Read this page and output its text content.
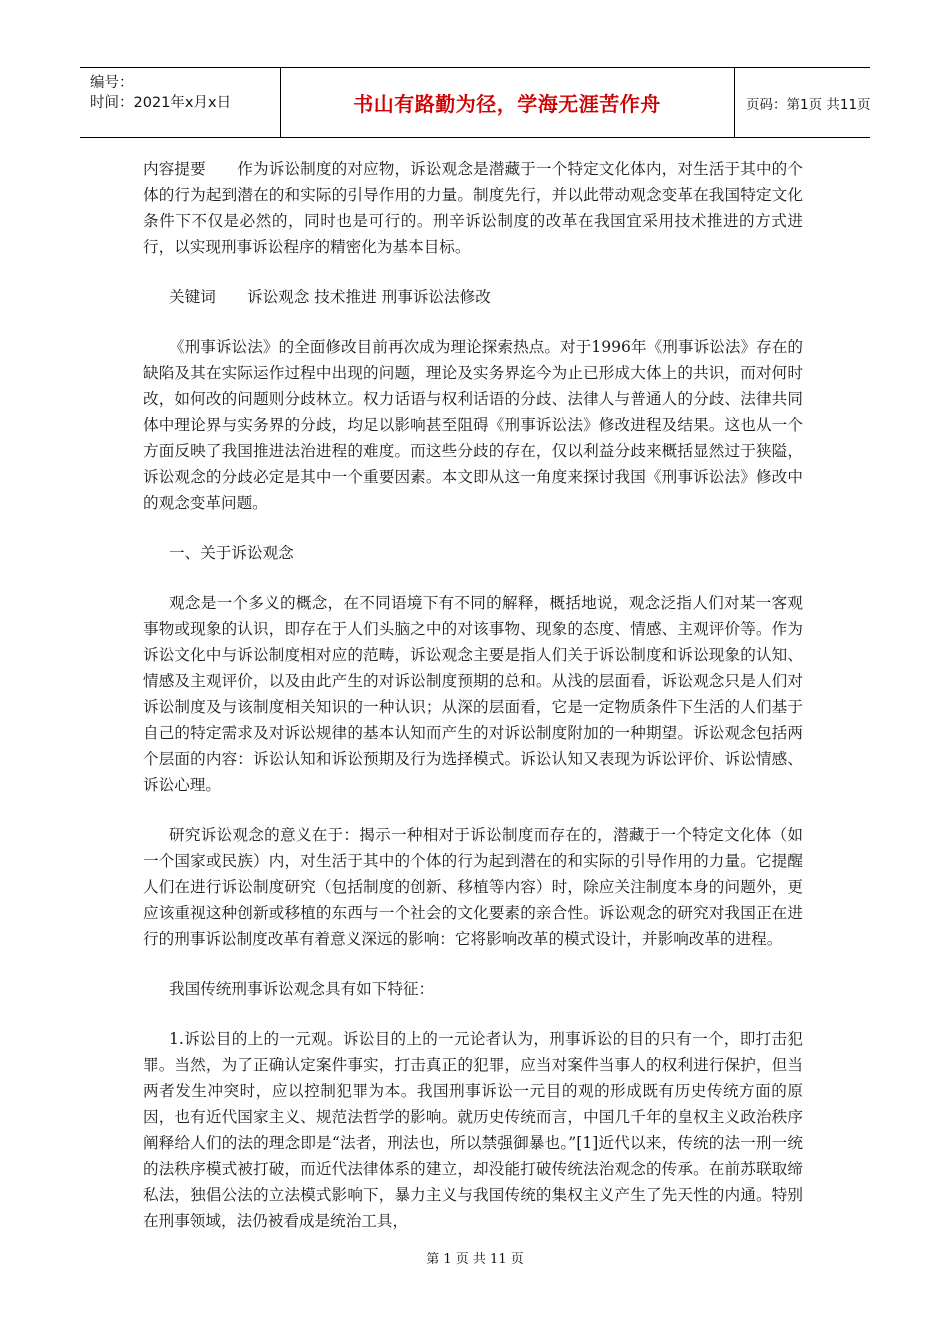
编号：
时间：2021年x月x日	书山有路勤为径，学海无涯苦作舟	页码：第1页 共11页

内容提要　　作为诉讼制度的对应物，诉讼观念是潜藏于一个特定文化体内，对生活于其中的个体的行为起到潜在的和实际的引导作用的力量。制度先行，并以此带动观念变革在我国特定文化条件下不仅是必然的，同时也是可行的。刑辛诉讼制度的改革在我国宜采用技术推进的方式进行，以实现刑事诉讼程序的精密化为基本目标。

关键词　　诉讼观念 技术推进 刑事诉讼法修改

《刑事诉讼法》的全面修改目前再次成为理论探索热点。对于1996年《刑事诉讼法》存在的缺陷及其在实际运作过程中出现的问题，理论及实务界迄今为止已形成大体上的共识，而对何时改，如何改的问题则分歧林立。权力话语与权利话语的分歧、法律人与普通人的分歧、法律共同体中理论界与实务界的分歧，均足以影响甚至阻碍《刑事诉讼法》修改进程及结果。这也从一个方面反映了我国推进法治进程的难度。而这些分歧的存在，仅以利益分歧来概括显然过于狭隘，诉讼观念的分歧必定是其中一个重要因素。本文即从这一角度来探讨我国《刑事诉讼法》修改中的观念变革问题。

一、关于诉讼观念

观念是一个多义的概念，在不同语境下有不同的解释，概括地说，观念泛指人们对某一客观事物或现象的认识，即存在于人们头脑之中的对该事物、现象的态度、情感、主观评价等。作为诉讼文化中与诉讼制度相对应的范畴，诉讼观念主要是指人们关于诉讼制度和诉讼现象的认知、情感及主观评价，以及由此产生的对诉讼制度预期的总和。从浅的层面看，诉讼观念只是人们对诉讼制度及与该制度相关知识的一种认识；从深的层面看，它是一定物质条件下生活的人们基于自己的特定需求及对诉讼规律的基本认知而产生的对诉讼制度附加的一种期望。诉讼观念包括两个层面的内容：诉讼认知和诉讼预期及行为选择模式。诉讼认知又表现为诉讼评价、诉讼情感、诉讼心理。

研究诉讼观念的意义在于：揭示一种相对于诉讼制度而存在的，潜藏于一个特定文化体（如一个国家或民族）内，对生活于其中的个体的行为起到潜在的和实际的引导作用的力量。它提醒人们在进行诉讼制度研究（包括制度的创新、移植等内容）时，除应关注制度本身的问题外，更应该重视这种创新或移植的东西与一个社会的文化要素的亲合性。诉讼观念的研究对我国正在进行的刑事诉讼制度改革有着意义深远的影响：它将影响改革的模式设计，并影响改革的进程。

我国传统刑事诉讼观念具有如下特征：

1.诉讼目的上的一元观。诉讼目的上的一元论者认为，刑事诉讼的目的只有一个，即打击犯罪。当然，为了正确认定案件事实，打击真正的犯罪，应当对案件当事人的权利进行保护，但当两者发生冲突时，应以控制犯罪为本。我国刑事诉讼一元目的观的形成既有历史传统方面的原因，也有近代国家主义、规范法哲学的影响。就历史传统而言，中国几千年的皇权主义政治秩序阐释给人们的法的理念即是“法者，刑法也，所以禁强御暴也。”[1]近代以来，传统的法一刑一统的法秩序模式被打破，而近代法律体系的建立，却没能打破传统法治观念的传承。在前苏联取缔私法，独倡公法的立法模式影响下，暴力主义与我国传统的集权主义产生了先天性的内通。特别在刑事领域，法仍被看成是统治工具，

第 1 页 共 11 页
